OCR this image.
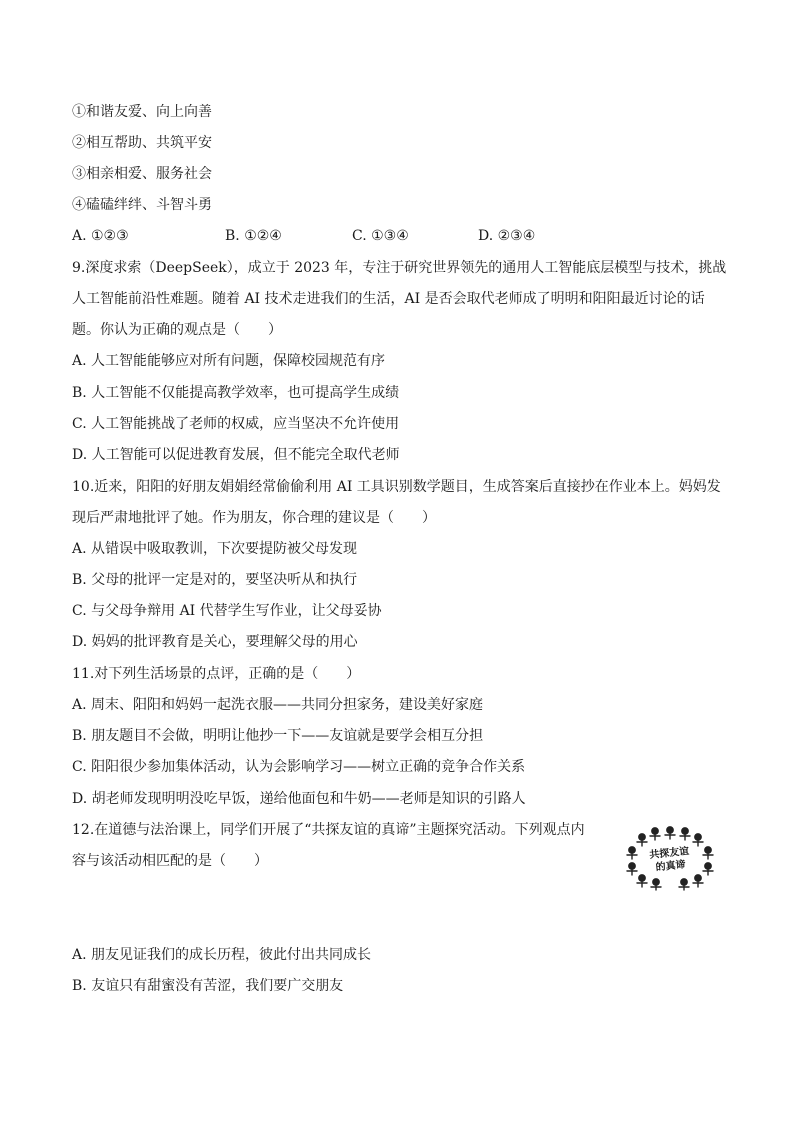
①和谐友爱、向上向善
②相互帮助、共筑平安
③相亲相爱、服务社会
④磕磕绊绊、斗智斗勇
A. ①②③	B. ①②④	C. ①③④	D. ②③④
9.深度求索（DeepSeek），成立于 2023 年，专注于研究世界领先的通用人工智能底层模型与技术，挑战
人工智能前沿性难题。随着 AI 技术走进我们的生活，AI 是否会取代老师成了明明和阳阳最近讨论的话
题。你认为正确的观点是（　　）
A. 人工智能能够应对所有问题，保障校园规范有序
B. 人工智能不仅能提高教学效率，也可提高学生成绩
C. 人工智能挑战了老师的权威，应当坚决不允许使用
D. 人工智能可以促进教育发展，但不能完全取代老师
10.近来，阳阳的好朋友娟娟经常偷偷利用 AI 工具识别数学题目，生成答案后直接抄在作业本上。妈妈发
现后严肃地批评了她。作为朋友，你合理的建议是（　　）
A. 从错误中吸取教训，下次要提防被父母发现
B. 父母的批评一定是对的，要坚决听从和执行
C. 与父母争辩用 AI 代替学生写作业，让父母妥协
D. 妈妈的批评教育是关心，要理解父母的用心
11.对下列生活场景的点评，正确的是（　　）
A. 周末、阳阳和妈妈一起洗衣服——共同分担家务，建设美好家庭
B. 朋友题目不会做，明明让他抄一下——友谊就是要学会相互分担
C. 阳阳很少参加集体活动，认为会影响学习——树立正确的竞争合作关系
D. 胡老师发现明明没吃早饭，递给他面包和牛奶——老师是知识的引路人
12.在道德与法治课上，同学们开展了“共探友谊的真谛”主题探究活动。下列观点内
容与该活动相匹配的是（　　）	共探友谊
的真谛
A. 朋友见证我们的成长历程，彼此付出共同成长
B. 友谊只有甜蜜没有苦涩，我们要广交朋友
